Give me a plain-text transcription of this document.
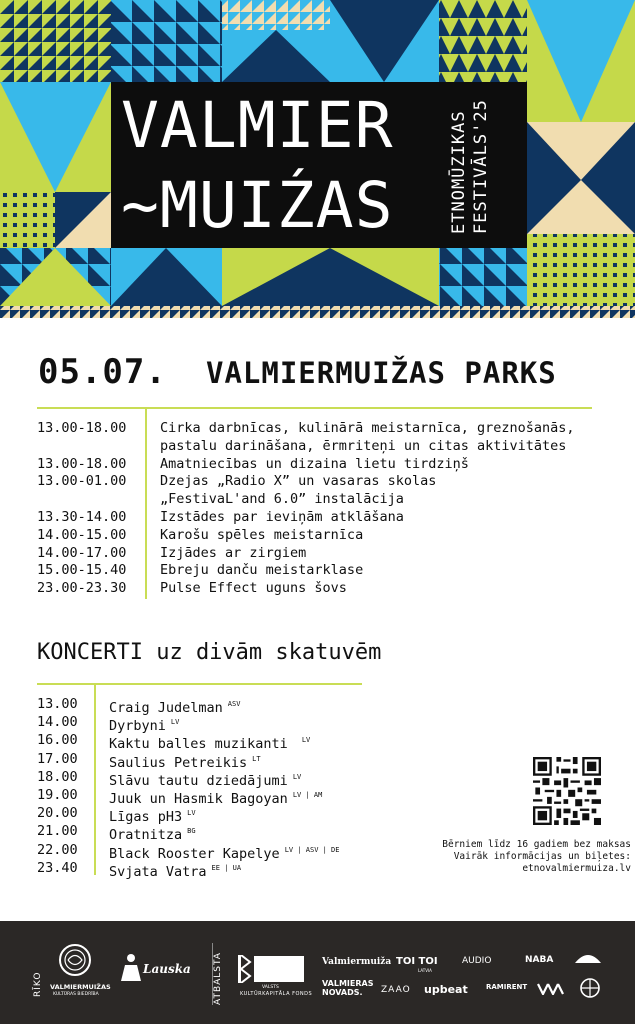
VALMIER
~MUIŹAS	ETNOMŪZIKAS FESTIVĀLS'25
05.07. VALMIERMUIŽAS PARKS
13.00-18.00 Cirka darbnīcas, kulinārā meistarnīca, greznošanās,
pastalu darināšana, ērmriteņi un citas aktivitātes
13.00-18.00 Amatniecības un dizaina lietu tirdziņš
13.00-01.00 Dzejas „Radio X” un vasaras skolas
„FestivaL'and 6.0” instalācija
13.30-14.00 Izstādes par ieviņām atklāšana
14.00-15.00 Karošu spēles meistarnīca
14.00-17.00 Izjādes ar zirgiem
15.00-15.40 Ebreju danču meistarklase
23.00-23.30 Pulse Effect uguns šovs
KONCERTI uz divām skatuvēm
13.00 Craig Judelman $^{ASV}$
14.00 Dyrbyni $^{LV}$
16.00 Kaktu balles muzikanti $^{LV}$
17.00 Saulius Petreikis $^{LT}$
18.00 Slāvu tautu dziedājumi $^{LV}$
19.00 Juuk un Hasmik Bagoyan $^{LV | AM}$
20.00 Līgas pH3 $^{LV}$
21.00 Oratnitza $^{BG}$
22.00 Black Rooster Kapelye $^{LV | ASV | DE}$
23.40 Svjata Vatra $^{EE | UA}$
Bērniem līdz 16 gadiem bez maksas
Vairāk informācijas un biļetes:
etnovalmiermuiza.lv
RĪKO VALMIERMUIŽAS
KULTŪRAS BIEDRĪBA
Lauska ATBALSTA	VALSTS
KULTŪRKAPITĀLA FONDS
Valmiermuiža
VALMIERAS
NOVADS.
TOI TOI
LATVIA
AUDIO	NABA
ZAAO upbeat	RAMIRENT
